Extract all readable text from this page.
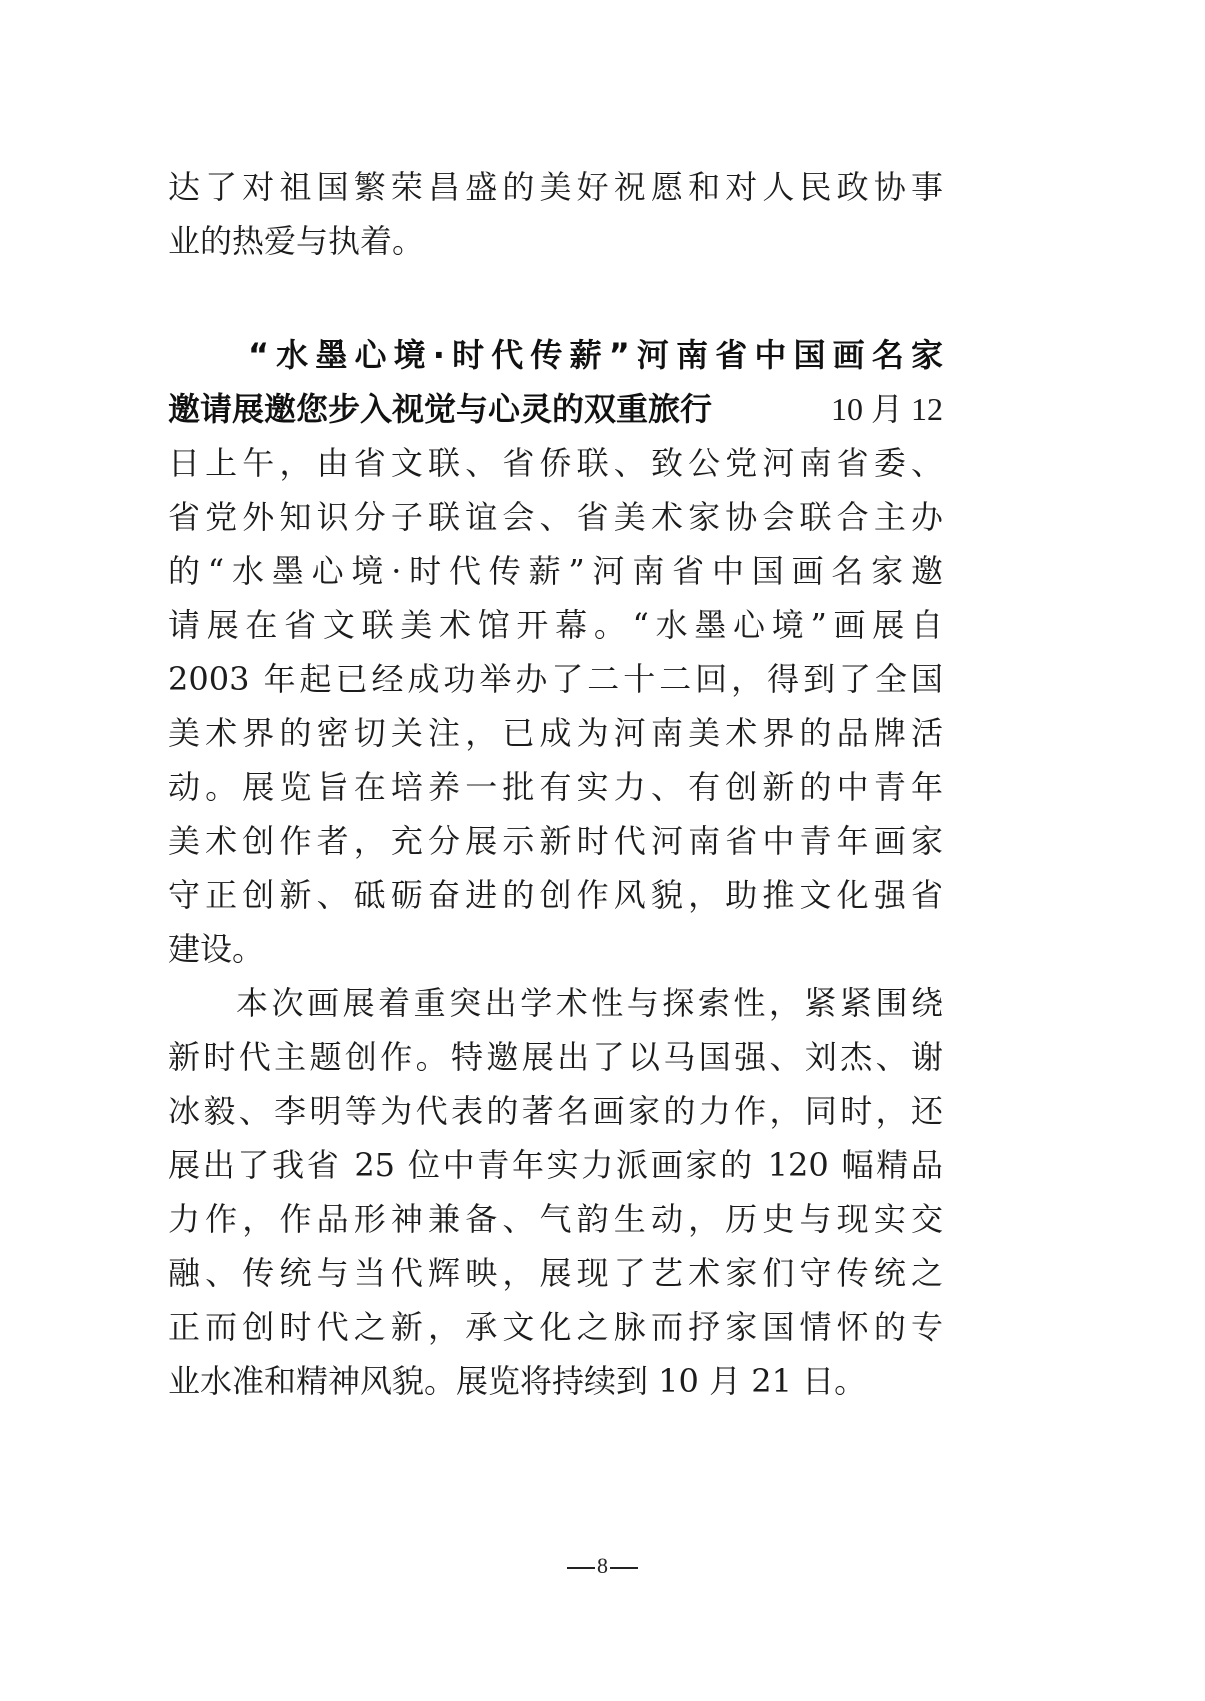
达了对祖国繁荣昌盛的美好祝愿和对人民政协事
业的热爱与执着。
“水墨心境·时代传薪”河南省中国画名家
邀请展邀您步入视觉与心灵的双重旅行	10 月 12
日上午，由省文联、省侨联、致公党河南省委、
省党外知识分子联谊会、省美术家协会联合主办
的“水墨心境·时代传薪”河南省中国画名家邀
请展在省文联美术馆开幕。“水墨心境”画展自
2003 年起已经成功举办了二十二回，得到了全国
美术界的密切关注，已成为河南美术界的品牌活
动。展览旨在培养一批有实力、有创新的中青年
美术创作者，充分展示新时代河南省中青年画家
守正创新、砥砺奋进的创作风貌，助推文化强省
建设。
本次画展着重突出学术性与探索性，紧紧围绕
新时代主题创作。特邀展出了以马国强、刘杰、谢
冰毅、李明等为代表的著名画家的力作，同时，还
展出了我省 25 位中青年实力派画家的 120 幅精品
力作，作品形神兼备、气韵生动，历史与现实交
融、传统与当代辉映，展现了艺术家们守传统之
正而创时代之新，承文化之脉而抒家国情怀的专
业水准和精神风貌。展览将持续到 10 月 21 日。
8
